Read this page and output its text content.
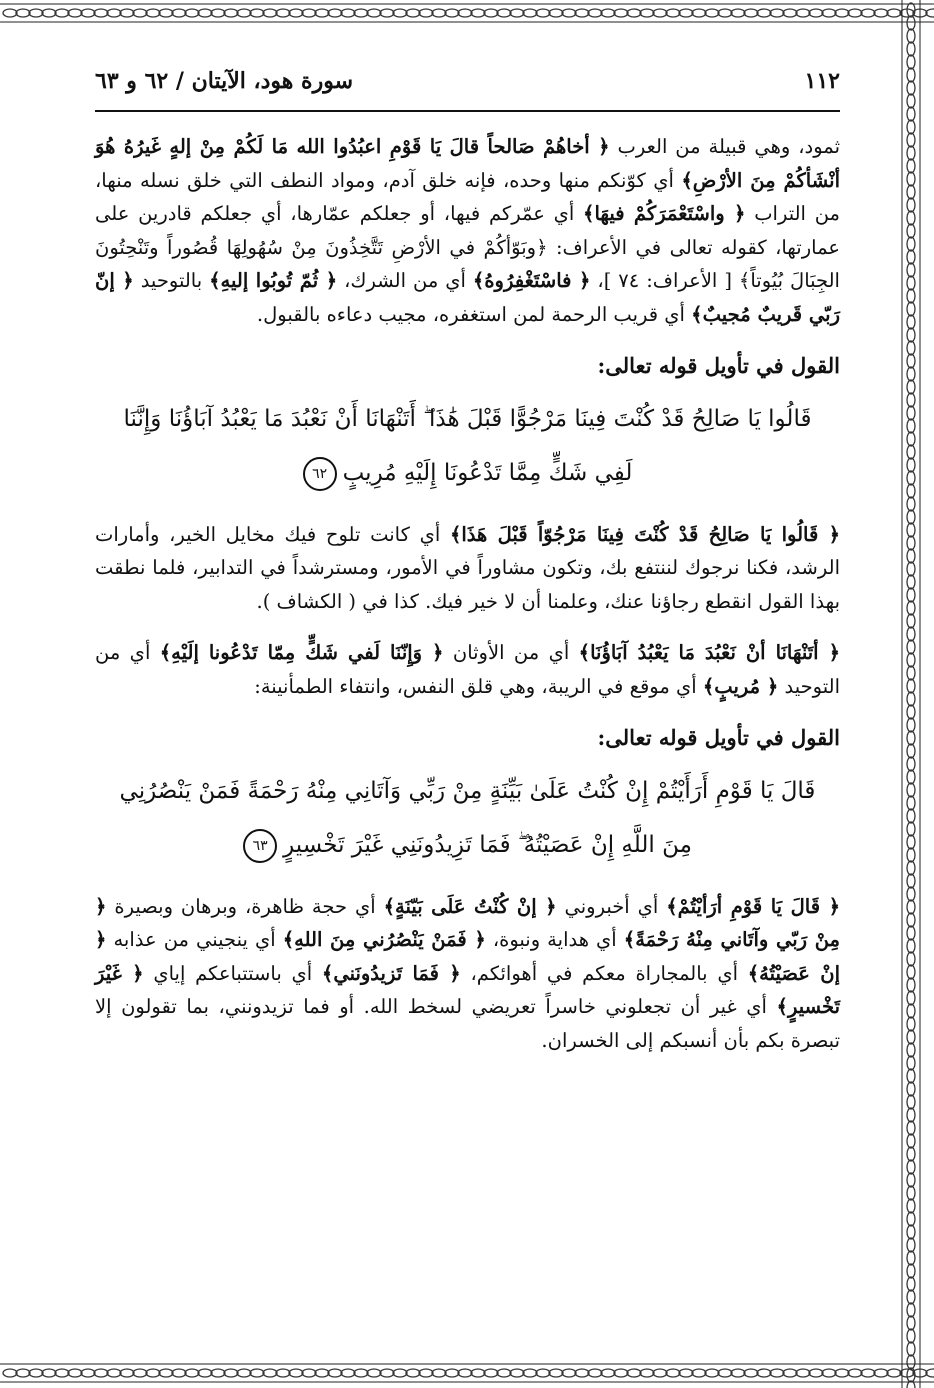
١١٢
سورة هود، الآيتان / ٦٢ و ٦٣

ثمود، وهي قبيلة من العرب ﴿ أخاهُمْ صَالحاً قالَ يَا قَوْمِ اعبُدُوا الله مَا لَكُمْ مِنْ إلهٍ غَيرُهُ هُوَ أنْشَأكُمْ مِنَ الأرْضِ﴾ أي كوّنكم منها وحده، فإنه خلق آدم، ومواد النطف التي خلق نسله منها، من التراب ﴿ واسْتَعْمَرَكُمْ فيهَا﴾ أي عمّركم فيها، أو جعلكم عمّارها، أي جعلكم قادرين على عمارتها، كقوله تعالى في الأعراف: ﴿وبَوّأكُمْ في الأرْضِ تَتَّخِذُونَ مِنْ سُهُولِهَا قُصُوراً وتَنْحِتُونَ الجِبَالَ بُيُوتاً﴾ [ الأعراف: ٧٤ ]، ﴿ فاسْتَغْفِرُوهُ﴾ أي من الشرك، ﴿ ثُمّ تُوبُوا إليهِ﴾ بالتوحيد ﴿ إنّ رَبّي قَريبٌ مُجيبٌ﴾ أي قريب الرحمة لمن استغفره، مجيب دعاءه بالقبول.

القول في تأويل قوله تعالى:
قَالُوا يَا صَالِحُ قَدْ كُنْتَ فِينَا مَرْجُوًّا قَبْلَ هَٰذَا ۖ أَتَنْهَانَا أَنْ نَعْبُدَ مَا يَعْبُدُ آبَاؤُنَا وَإِنَّنَا
لَفِي شَكٍّ مِمَّا تَدْعُونَا إِلَيْهِ مُرِيبٍ٦٢

﴿ قَالُوا يَا صَالِحُ قَدْ كُنْتَ فِينَا مَرْجُوّاً قَبْلَ هَذَا﴾ أي كانت تلوح فيك مخايل الخير، وأمارات الرشد، فكنا نرجوك لننتفع بك، وتكون مشاوراً في الأمور، ومسترشداً في التدابير، فلما نطقت بهذا القول انقطع رجاؤنا عنك، وعلمنا أن لا خير فيك. كذا في ( الكشاف ).

﴿ أتَنْهَانَا أنْ نَعْبُدَ مَا يَعْبُدُ آبَاؤُنَا﴾ أي من الأوثان ﴿ وَإِنّنَا لَفي شَكٍّ مِمّا تَدْعُونا إلَيْهِ﴾ أي من التوحيد ﴿ مُريبٍ﴾ أي موقع في الريبة، وهي قلق النفس، وانتفاء الطمأنينة:

القول في تأويل قوله تعالى:
قَالَ يَا قَوْمِ أَرَأَيْتُمْ إِنْ كُنْتُ عَلَىٰ بَيِّنَةٍ مِنْ رَبِّي وَآتَانِي مِنْهُ رَحْمَةً فَمَنْ يَنْصُرُنِي
مِنَ اللَّهِ إِنْ عَصَيْتُهُ ۖ فَمَا تَزِيدُونَنِي غَيْرَ تَخْسِيرٍ٦٣

﴿ قَالَ يَا قَوْمِ أرَأيْتُمْ﴾ أي أخبروني ﴿ إنْ كُنْتُ عَلَى بَيّنَةٍ﴾ أي حجة ظاهرة، وبرهان وبصيرة ﴿ مِنْ رَبّي وآتَاني مِنْهُ رَحْمَةً﴾ أي هداية ونبوة، ﴿ فَمَنْ يَنْصُرُني مِنَ اللهِ﴾ أي ينجيني من عذابه ﴿ إنْ عَصَيْتُهُ﴾ أي بالمجاراة معكم في أهوائكم، ﴿ فَمَا تَزيدُونَني﴾ أي باستتباعكم إياي ﴿ غَيْرَ تَخْسيرٍ﴾ أي غير أن تجعلوني خاسراً تعريضي لسخط الله. أو فما تزيدونني، بما تقولون إلا تبصرة بكم بأن أنسبكم إلى الخسران.
